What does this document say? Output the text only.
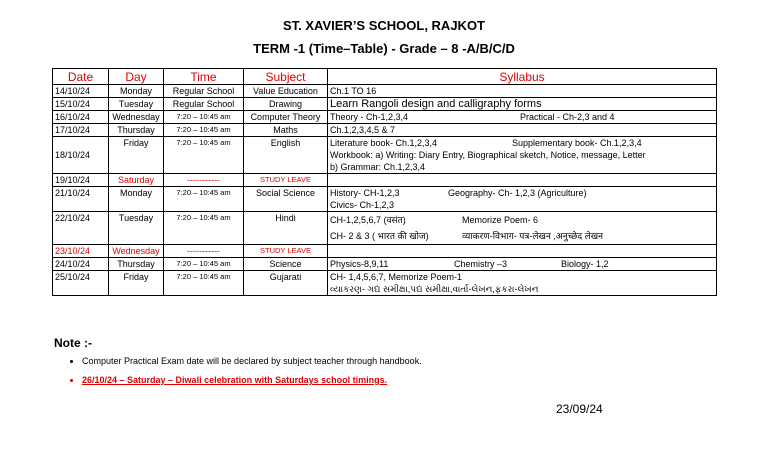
ST. XAVIER’S SCHOOL, RAJKOT
TERM -1 (Time–Table) - Grade – 8 -A/B/C/D
Date	Day	Time	Subject	Syllabus
14/10/24	Monday	Regular School	Value Education	Ch.1 TO 16
15/10/24	Tuesday	Regular School	Drawing	Learn Rangoli design and calligraphy forms
16/10/24	Wednesday	7:20 – 10:45 am	Computer Theory	Theory - Ch-1,2,3,4 Practical - Ch-2,3 and 4

17/10/24	Thursday	7:20 – 10:45 am	Maths	Ch.1,2,3,4,5 & 7
18/10/24	Friday	7:20 – 10:45 am	English	Literature book- Ch.1,2,3,4 Supplementary book- Ch.1,2,3,4
Workbook: a) Writing: Diary Entry, Biographical sketch, Notice, message, Letter
b) Grammar: Ch.1,2,3,4

19/10/24	Saturday	-----------	STUDY LEAVE	
21/10/24	Monday	7:20 – 10:45 am	Social Science	History- CH-1,2,3 Geography- Ch- 1,2,3 (Agriculture)
Civics- Ch-1,2,3

22/10/24	Tuesday	7:20 – 10:45 am	Hindi	CH-1,2,5,6,7 (वसंत) Memorize Poem- 6
CH- 2 & 3 ( भारत की खोज) व्याकरण-विभाग- पत्र-लेखन ,अनुच्छेद लेखन

23/10/24	Wednesday	-----------	STUDY LEAVE	
24/10/24	Thursday	7:20 – 10:45 am	Science	Physics-8,9,11 Chemistry –3 Biology- 1,2

25/10/24	Friday	7:20 – 10:45 am	Gujarati	CH- 1,4,5,6,7, Memorize Poem-1
વ્યાકરણ- ગદ્ય સમીક્ષા,પદ્ય સમીક્ષા,વાર્તા-લેખન,ફકરા-લેખન
Note :-
• Computer Practical Exam date will be declared by subject teacher through handbook.
• 26/10/24 – Saturday – Diwali celebration with Saturdays school timings.
23/09/24
